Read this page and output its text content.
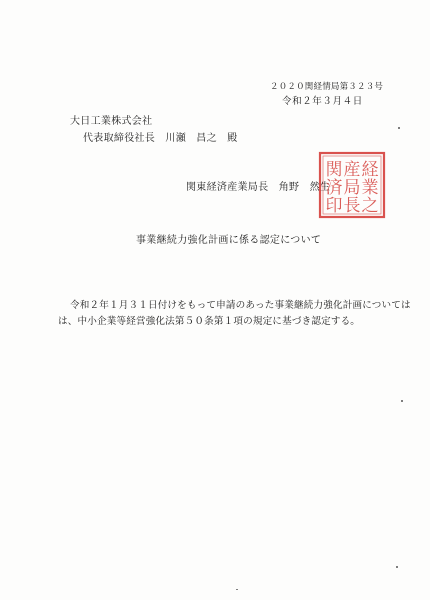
２０２０関経情局第３２３号
令和２年３月４日
大日工業株式会社
代表取締役社長　川瀬　昌之　殿
関東経済産業局長　角野　然生
経
業
之
産
局
長
関
済
印
事業継続力強化計画に係る認定について
令和２年１月３１日付けをもって申請のあった事業継続力強化計画については
は、中小企業等経営強化法第５０条第１項の規定に基づき認定する。
